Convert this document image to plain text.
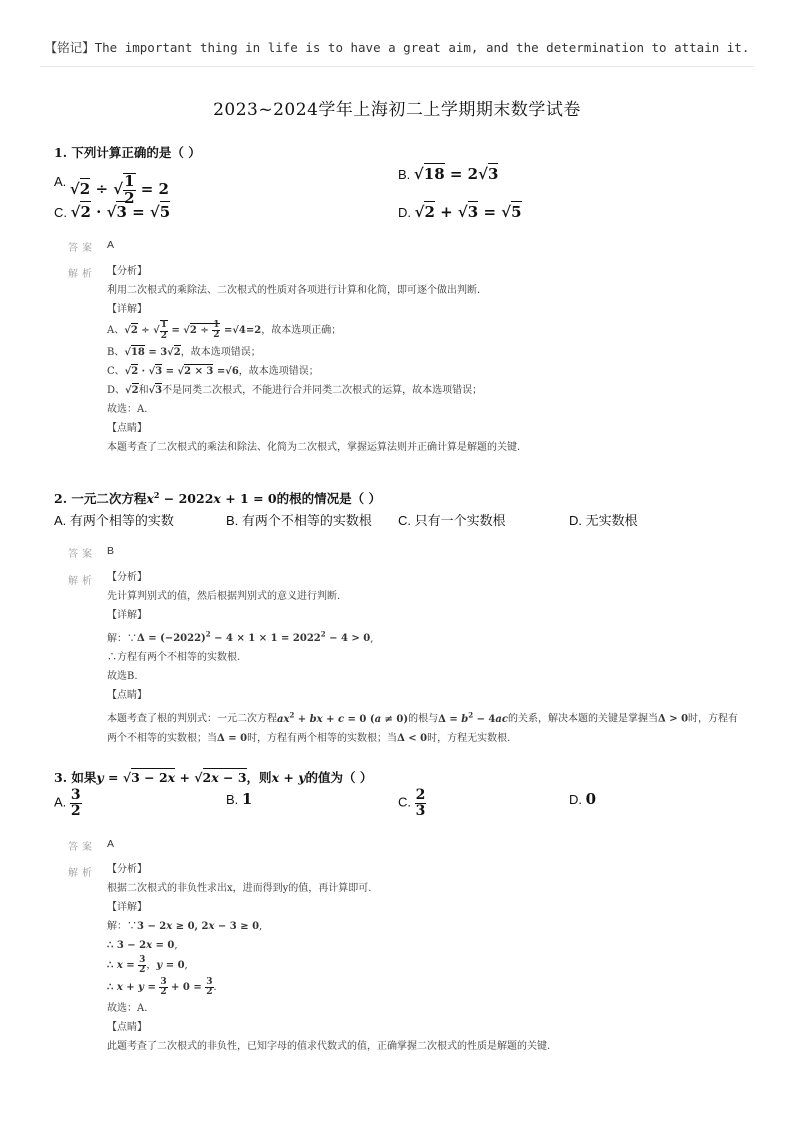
【铭记】The important thing in life is to have a great aim, and the determination to attain it.
2023~2024学年上海初二上学期期末数学试卷
1. 下列计算正确的是（ ）
A. √2 ÷ √ $\frac{1}{2} = 2$
B. √18 = 2√3
C. √2 · √3 = √5	D. √2 + √3 = √5
答案 A
解析 【分析】
利用二次根式的乘除法、二次根式的性质对各项进行计算和化简，即可逐个做出判断.
【详解】
A、√2 ÷ √ $\frac{1}{2} = √2 \div \frac{1}{2} =√4=2$，故本选项正确；
B、√18 = 3√2，故本选项错误；
C、√2 · √3 = √2 × 3 =√6，故本选项错误；
D、√2和√3不是同类二次根式，不能进行合并同类二次根式的运算，故本选项错误；
故选：A.
【点睛】
本题考查了二次根式的乘法和除法、化简为二次根式，掌握运算法则并正确计算是解题的关键.
2. 一元二次方程$x^2 - 2022x + 1 = 0$的根的情况是（ ）
A. 有两个相等的实数	B. 有两个不相等的实数根 C. 只有一个实数根	D. 无实数根
答案 B
解析 【分析】
先计算判别式的值，然后根据判别式的意义进行判断.
【详解】
解：∵Δ = $(-2022)^2 - 4 \times 1 \times 1 = 2022^2 - 4 > 0$,
∴方程有两个不相等的实数根.
故选B.
【点睛】
本题考查了根的判别式：一元二次方程$ax^2$ + bx + c = 0 (a ≠ 0)的根与$\Delta = b^2 - 4ac$的关系，解决本题的关键是掌握当Δ > 0时，方程有
两个不相等的实数根；当Δ = 0时，方程有两个相等的实数根；当Δ < 0时，方程无实数根.
3. 如果y = √3 − 2x + √2x − 3，则x + y的值为（ ）
A. $\frac{3}{2}$	B. 1	C. $\frac{2}{3}$	D. 0
答案 A
解析 【分析】
根据二次根式的非负性求出x，进而得到y的值，再计算即可.
【详解】
解：∵3 − 2x ≥ 0, 2x − 3 ≥ 0,
∴ 3 − 2x = 0,
∴ $x = \frac{3}{2}$ ，y = 0,
∴ $x + y = \frac{3}{2} + 0 = \frac{3}{2}$ .
故选：A.
【点睛】
此题考查了二次根式的非负性，已知字母的值求代数式的值，正确掌握二次根式的性质是解题的关键.
